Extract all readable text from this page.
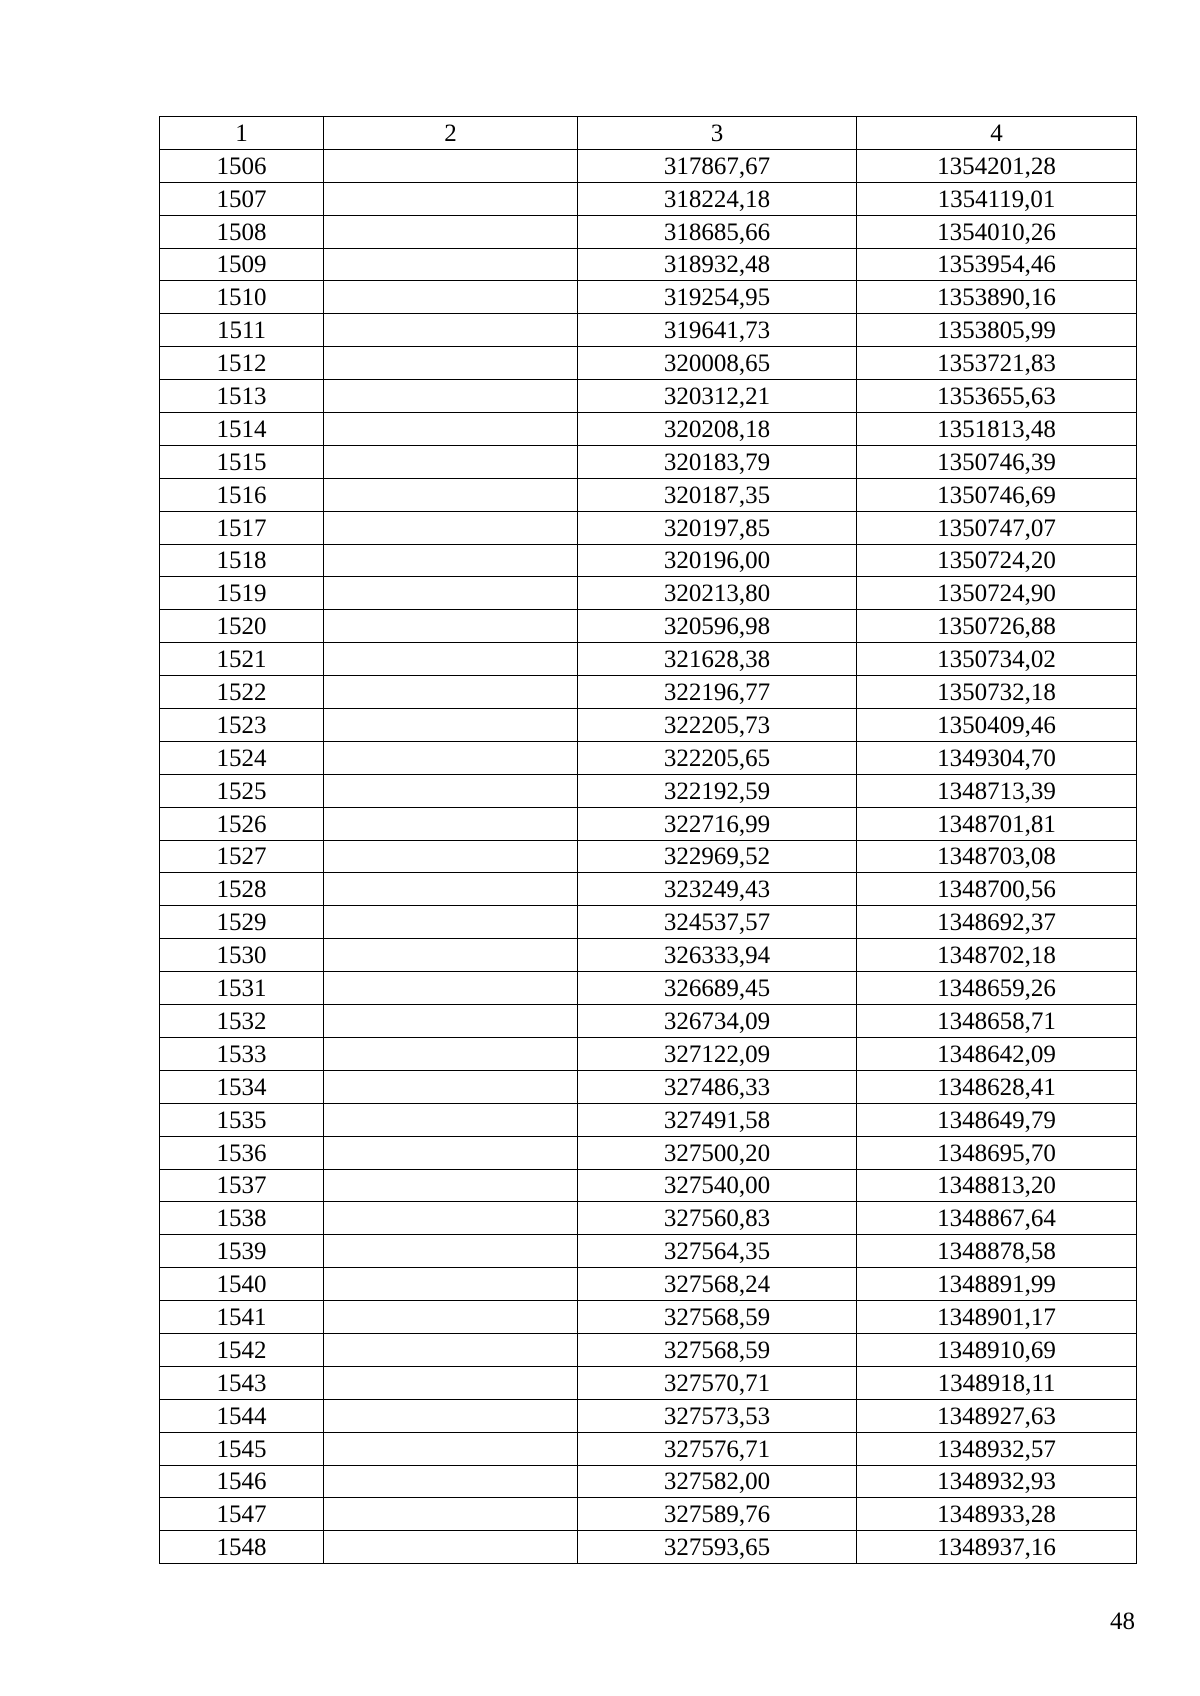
1	2	3	4
1506		317867,67	1354201,28
1507		318224,18	1354119,01
1508		318685,66	1354010,26
1509		318932,48	1353954,46
1510		319254,95	1353890,16
1511		319641,73	1353805,99
1512		320008,65	1353721,83
1513		320312,21	1353655,63
1514		320208,18	1351813,48
1515		320183,79	1350746,39
1516		320187,35	1350746,69
1517		320197,85	1350747,07
1518		320196,00	1350724,20
1519		320213,80	1350724,90
1520		320596,98	1350726,88
1521		321628,38	1350734,02
1522		322196,77	1350732,18
1523		322205,73	1350409,46
1524		322205,65	1349304,70
1525		322192,59	1348713,39
1526		322716,99	1348701,81
1527		322969,52	1348703,08
1528		323249,43	1348700,56
1529		324537,57	1348692,37
1530		326333,94	1348702,18
1531		326689,45	1348659,26
1532		326734,09	1348658,71
1533		327122,09	1348642,09
1534		327486,33	1348628,41
1535		327491,58	1348649,79
1536		327500,20	1348695,70
1537		327540,00	1348813,20
1538		327560,83	1348867,64
1539		327564,35	1348878,58
1540		327568,24	1348891,99
1541		327568,59	1348901,17
1542		327568,59	1348910,69
1543		327570,71	1348918,11
1544		327573,53	1348927,63
1545		327576,71	1348932,57
1546		327582,00	1348932,93
1547		327589,76	1348933,28
1548		327593,65	1348937,16
48
